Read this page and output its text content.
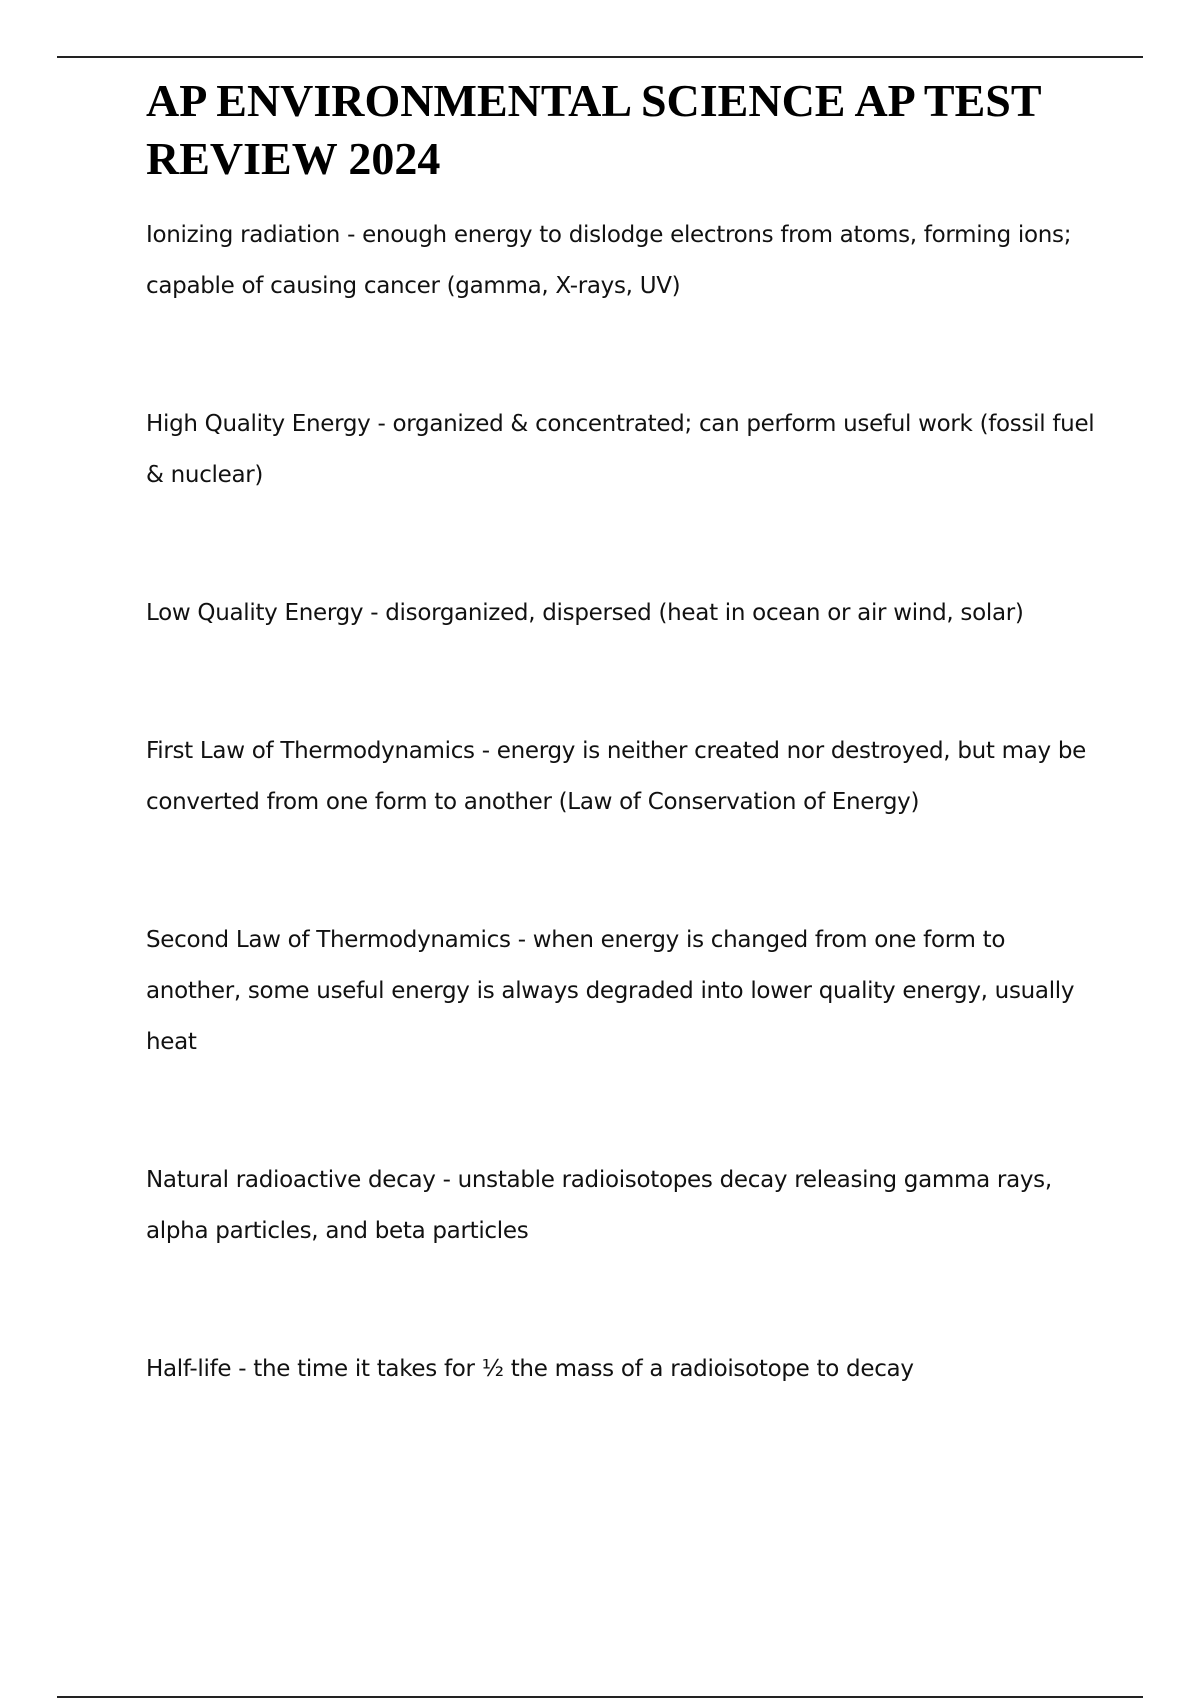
AP ENVIRONMENTAL SCIENCE AP TEST REVIEW 2024

Ionizing radiation - enough energy to dislodge electrons from atoms, forming ions; capable of causing cancer (gamma, X-rays, UV)

High Quality Energy - organized & concentrated; can perform useful work (fossil fuel & nuclear)

Low Quality Energy - disorganized, dispersed (heat in ocean or air wind, solar)

First Law of Thermodynamics - energy is neither created nor destroyed, but may be converted from one form to another (Law of Conservation of Energy)

Second Law of Thermodynamics - when energy is changed from one form to another, some useful energy is always degraded into lower quality energy, usually heat

Natural radioactive decay - unstable radioisotopes decay releasing gamma rays, alpha particles, and beta particles

Half-life - the time it takes for ½ the mass of a radioisotope to decay
